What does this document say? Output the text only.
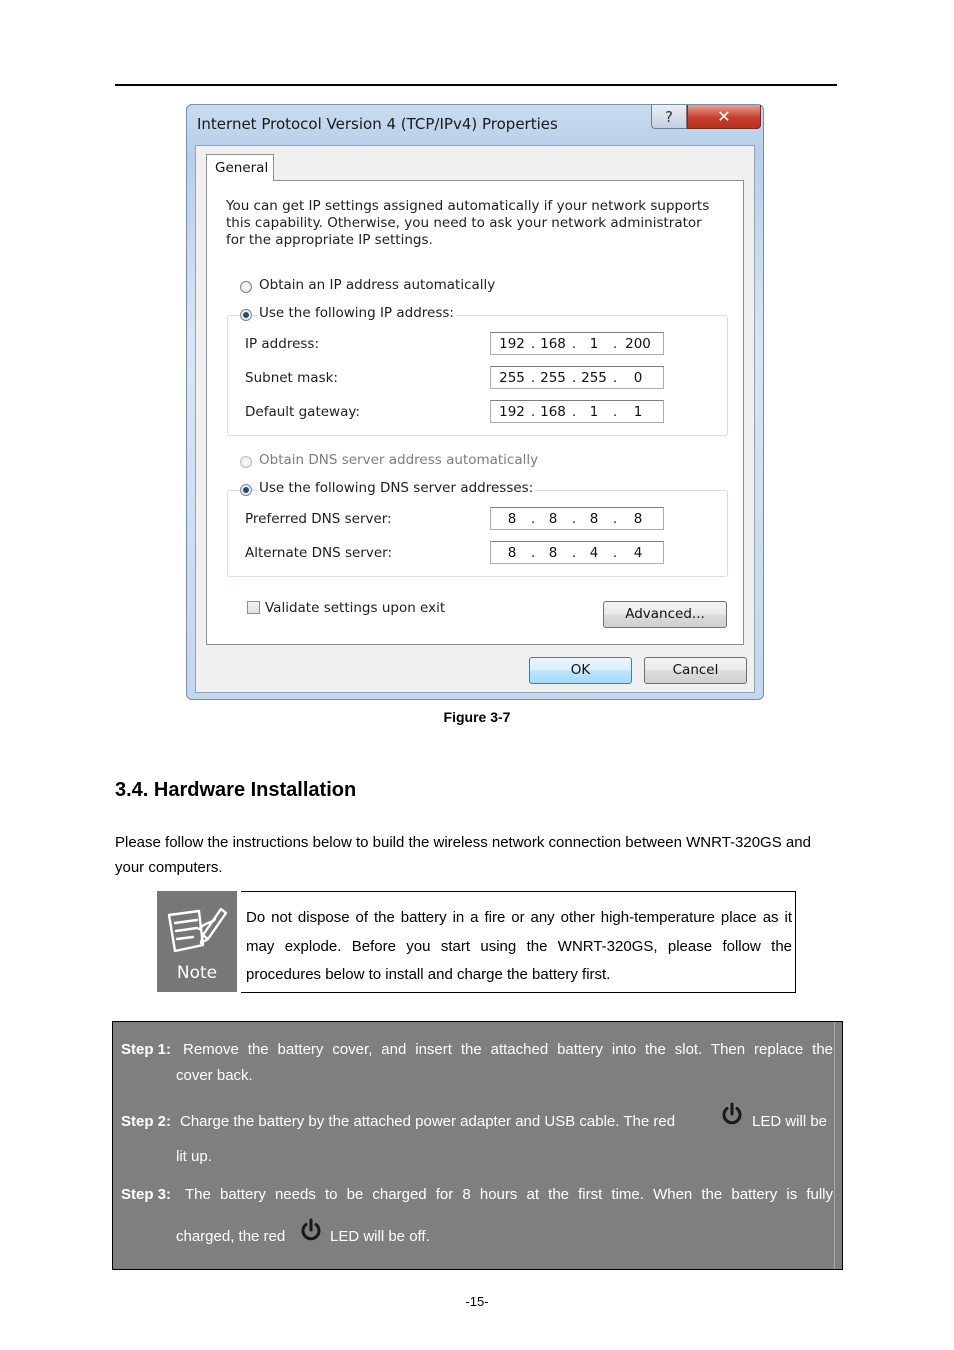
Internet Protocol Version 4 (TCP/IPv4) Properties	?	✕
General
You can get IP settings assigned automatically if your network supports
this capability. Otherwise, you need to ask your network administrator
for the appropriate IP settings.
Obtain an IP address automatically
Use the following IP address:
IP address:	192 . 168 .	1	. 200
Subnet mask:	255 . 255 . 255 .	0
Default gateway:	192 . 168 .	1	.	1
Obtain DNS server address automatically
Use the following DNS server addresses:
Preferred DNS server:	8	.	8	.	8	.	8
Alternate DNS server:	8	.	8	.	4	.	4
Validate settings upon exit	Advanced...
OK	Cancel
Figure 3-7
3.4. Hardware Installation
Please follow the instructions below to build the wireless network connection between WNRT-320GS and your computers.
Note
Do not dispose of the battery in a fire or any other high-temperature place as it may explode. Before you start using the WNRT-320GS, please follow the procedures below to install and charge the battery first.
Step 1: Remove the battery cover, and insert the attached battery into the slot. Then replace the
cover back.
Step 2: Charge the battery by the attached power adapter and USB cable. The red	LED will be
lit up.
Step 3: The battery needs to be charged for 8 hours at the first time. When the battery is fully
charged, the red	LED will be off.
-15-
